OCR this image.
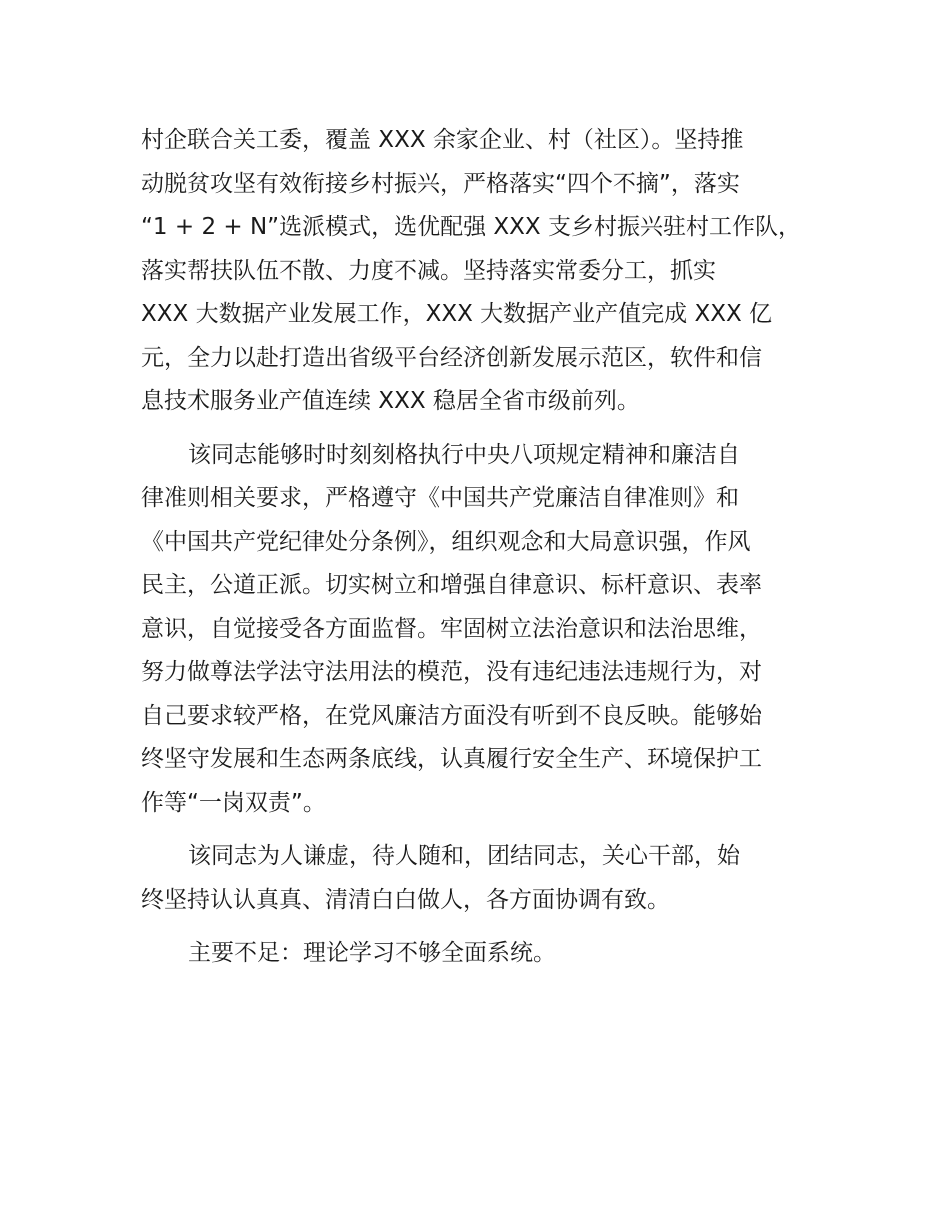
村企联合关工委，覆盖 XXX 余家企业、村（社区）。坚持推
动脱贫攻坚有效衔接乡村振兴，严格落实“四个不摘”，落实
“1 + 2 + N”选派模式，选优配强 XXX 支乡村振兴驻村工作队，
落实帮扶队伍不散、力度不减。坚持落实常委分工，抓实
XXX 大数据产业发展工作，XXX 大数据产业产值完成 XXX 亿
元，全力以赴打造出省级平台经济创新发展示范区，软件和信
息技术服务业产值连续 XXX 稳居全省市级前列。
该同志能够时时刻刻格执行中央八项规定精神和廉洁自
律准则相关要求，严格遵守《中国共产党廉洁自律准则》和
《中国共产党纪律处分条例》，组织观念和大局意识强，作风
民主，公道正派。切实树立和增强自律意识、标杆意识、表率
意识，自觉接受各方面监督。牢固树立法治意识和法治思维，
努力做尊法学法守法用法的模范，没有违纪违法违规行为，对
自己要求较严格，在党风廉洁方面没有听到不良反映。能够始
终坚守发展和生态两条底线，认真履行安全生产、环境保护工
作等“一岗双责”。
该同志为人谦虚，待人随和，团结同志，关心干部，始
终坚持认认真真、清清白白做人，各方面协调有致。
主要不足：理论学习不够全面系统。
